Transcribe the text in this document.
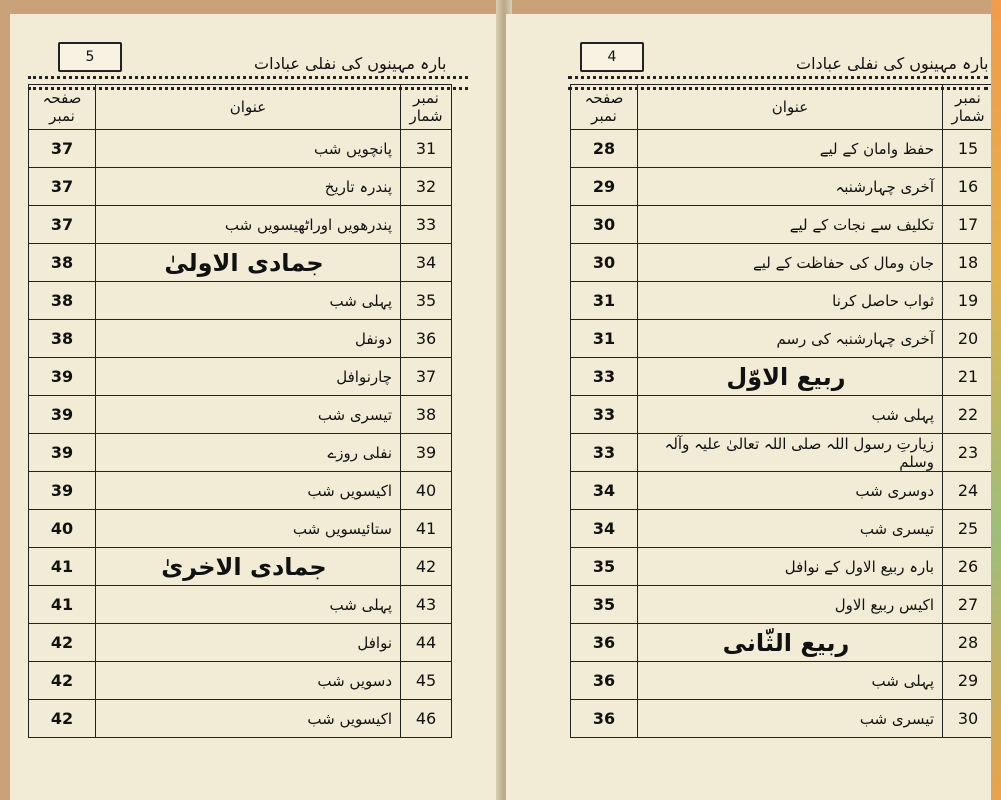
5	بارہ مہینوں کی نفلی عبادات
نمبر شمار	عنوان	صفحہ نمبر
31	پانچویں شب	37
32	پندرہ تاریخ	37
33	پندرھویں اوراٹھیسویں شب	37
34	جمادی الاولیٰ	38
35	پہلی شب	38
36	دونفل	38
37	چارنوافل	39
38	تیسری شب	39
39	نفلی روزے	39
40	اکیسویں شب	39
41	ستائیسویں شب	40
42	جمادی الاخریٰ	41
43	پہلی شب	41
44	نوافل	42
45	دسویں شب	42
46	اکیسویں شب	42
4	بارہ مہینوں کی نفلی عبادات
نمبر شمار	عنوان	صفحہ نمبر
15	حفظ وامان کے لیے	28
16	آخری چہارشنبہ	29
17	تکلیف سے نجات کے لیے	30
18	جان ومال کی حفاظت کے لیے	30
19	ثواب حاصل کرنا	31
20	آخری چہارشنبہ کی رسم	31
21	ربیع الاوّل	33
22	پہلی شب	33
23	زیارتِ رسول اللہ صلی اللہ تعالیٰ علیہ وآلہ وسلم	33
24	دوسری شب	34
25	تیسری شب	34
26	بارہ ربیع الاول کے نوافل	35
27	اکیس ربیع الاول	35
28	ربیع الثّانی	36
29	پہلی شب	36
30	تیسری شب	36
